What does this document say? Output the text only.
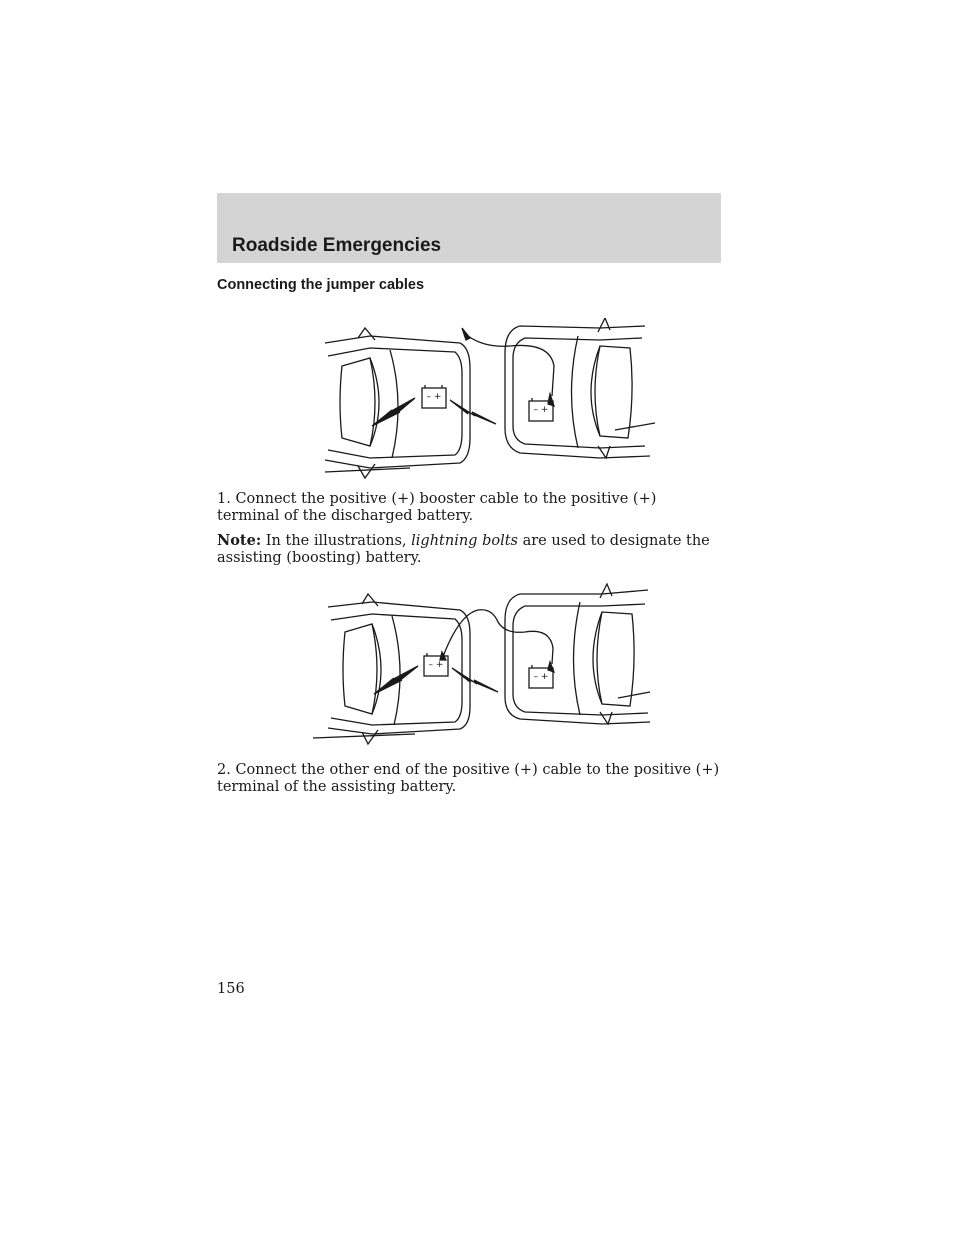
Roadside Emergencies
Connecting the jumper cables
– +
– +

1. Connect the positive (+) booster cable to the positive (+) terminal of the discharged battery.

Note: In the illustrations, lightning bolts are used to designate the assisting (boosting) battery.

– +
– +

2. Connect the other end of the positive (+) cable to the positive (+) terminal of the assisting battery.

156
